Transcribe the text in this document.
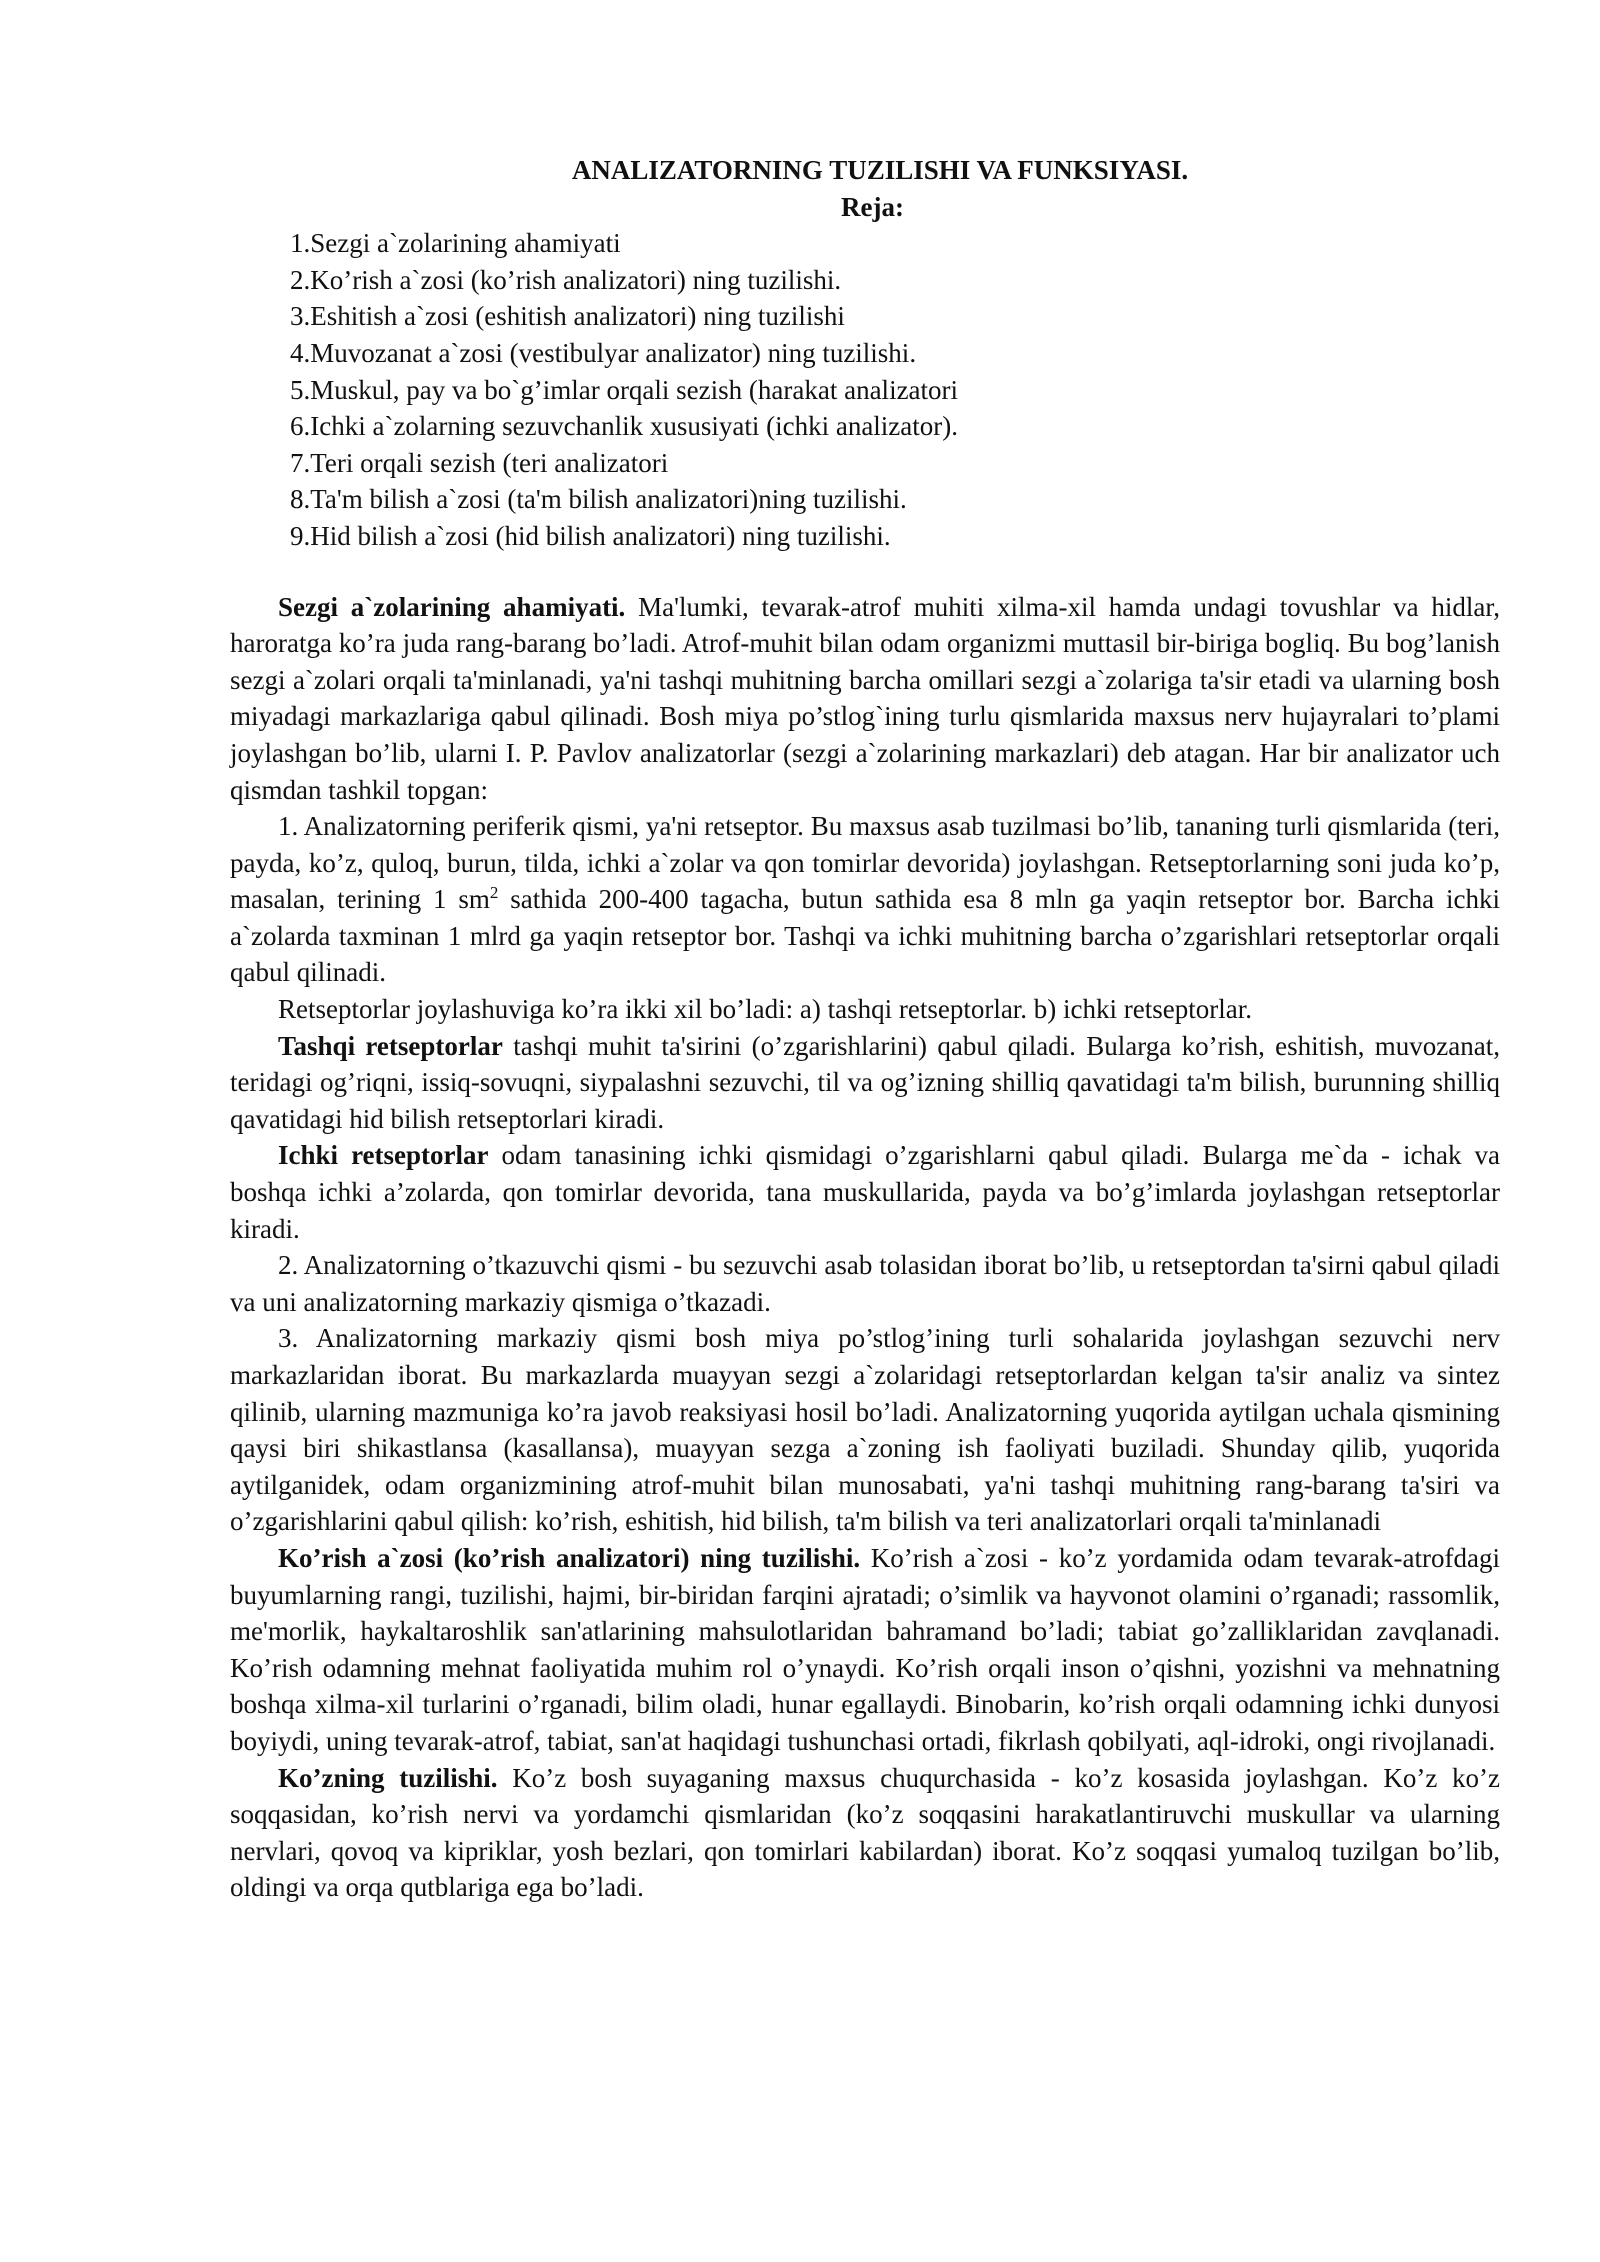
ANALIZATORNING TUZILISHI VA FUNKSIYASI.
Reja:
1.Sezgi a`zolarining ahamiyati
2.Ko’rish a`zosi (ko’rish analizatori) ning tuzilishi.
3.Eshitish a`zosi (eshitish analizatori) ning tuzilishi
4.Muvozanat a`zosi (vestibulyar analizator) ning tuzilishi.
5.Muskul, pay va bo`g’imlar orqali sezish (harakat analizatori
6.Ichki a`zolarning sezuvchanlik xususiyati (ichki analizator).
7.Teri orqali sezish (teri analizatori
8.Ta'm bilish a`zosi (ta'm bilish analizatori)ning tuzilishi.
9.Hid bilish a`zosi (hid bilish analizatori) ning tuzilishi.

Sezgi a`zolarining ahamiyati. Ma'lumki, tevarak-atrof muhiti xilma-xil hamda undagi tovushlar va hidlar, haroratga ko’ra juda rang-barang bo’ladi. Atrof-muhit bilan odam organizmi muttasil bir-biriga bogliq. Bu bog’lanish sezgi a`zolari orqali ta'minlanadi, ya'ni tashqi muhitning barcha omillari sezgi a`zolariga ta'sir etadi va ularning bosh miyadagi markazlariga qabul qilinadi. Bosh miya po’stlog`ining turlu qismlarida maxsus nerv hujayralari to’plami joylashgan bo’lib, ularni I. P. Pavlov analizatorlar (sezgi a`zolarining markazlari) deb atagan. Har bir analizator uch qismdan tashkil topgan:

1. Analizatorning periferik qismi, ya'ni retseptor. Bu maxsus asab tuzilmasi bo’lib, tananing turli qismlarida (teri, payda, ko’z, quloq, burun, tilda, ichki a`zolar va qon tomirlar devorida) joylashgan. Retseptorlarning soni juda ko’p, masalan, terining 1 $sm^2$ sathida 200-400 tagacha, butun sathida esa 8 mln ga yaqin retseptor bor. Barcha ichki a`zolarda taxminan 1 mlrd ga yaqin retseptor bor. Tashqi va ichki muhitning barcha o’zgarishlari retseptorlar orqali qabul qilinadi.

Retseptorlar joylashuviga ko’ra ikki xil bo’ladi: a) tashqi retseptorlar. b) ichki retseptorlar.

Tashqi retseptorlar tashqi muhit ta'sirini (o’zgarishlarini) qabul qiladi. Bularga ko’rish, eshitish, muvozanat, teridagi og’riqni, issiq-sovuqni, siypalashni sezuvchi, til va og’izning shilliq qavatidagi ta'm bilish, burunning shilliq qavatidagi hid bilish retseptorlari kiradi.

Ichki retseptorlar odam tanasining ichki qismidagi o’zgarishlarni qabul qiladi. Bularga me`da - ichak va boshqa ichki a’zolarda, qon tomirlar devorida, tana muskullarida, payda va bo’g’imlarda joylashgan retseptorlar kiradi.

2. Analizatorning o’tkazuvchi qismi - bu sezuvchi asab tolasidan iborat bo’lib, u retseptordan ta'sirni qabul qiladi va uni analizatorning markaziy qismiga o’tkazadi.

3. Analizatorning markaziy qismi bosh miya po’stlog’ining turli sohalarida joylashgan sezuvchi nerv markazlaridan iborat. Bu markazlarda muayyan sezgi a`zolaridagi retseptorlardan kelgan ta'sir analiz va sintez qilinib, ularning mazmuniga ko’ra javob reaksiyasi hosil bo’ladi. Analizatorning yuqorida aytilgan uchala qismining qaysi biri shikastlansa (kasallansa), muayyan sezga a`zoning ish faoliyati buziladi. Shunday qilib, yuqorida aytilganidek, odam organizmining atrof-muhit bilan munosabati, ya'ni tashqi muhitning rang-barang ta'siri va o’zgarishlarini qabul qilish: ko’rish, eshitish, hid bilish, ta'm bilish va teri analizatorlari orqali ta'minlanadi

Ko’rish a`zosi (ko’rish analizatori) ning tuzilishi. Ko’rish a`zosi - ko’z yordamida odam tevarak-atrofdagi buyumlarning rangi, tuzilishi, hajmi, bir-biridan farqini ajratadi; o’simlik va hayvonot olamini o’rganadi; rassomlik, me'morlik, haykaltaroshlik san'atlarining mahsulotlaridan bahramand bo’ladi; tabiat go’zalliklaridan zavqlanadi. Ko’rish odamning mehnat faoliyatida muhim rol o’ynaydi. Ko’rish orqali inson o’qishni, yozishni va mehnatning boshqa xilma-xil turlarini o’rganadi, bilim oladi, hunar egallaydi. Binobarin, ko’rish orqali odamning ichki dunyosi boyiydi, uning tevarak-atrof, tabiat, san'at haqidagi tushunchasi ortadi, fikrlash qobilyati, aql-idroki, ongi rivojlanadi.

Ko’zning tuzilishi. Ko’z bosh suyaganing maxsus chuqurchasida - ko’z kosasida joylashgan. Ko’z ko’z soqqasidan, ko’rish nervi va yordamchi qismlaridan (ko’z soqqasini harakatlantiruvchi muskullar va ularning nervlari, qovoq va kipriklar, yosh bezlari, qon tomirlari kabilardan) iborat. Ko’z soqqasi yumaloq tuzilgan bo’lib, oldingi va orqa qutblariga ega bo’ladi.
